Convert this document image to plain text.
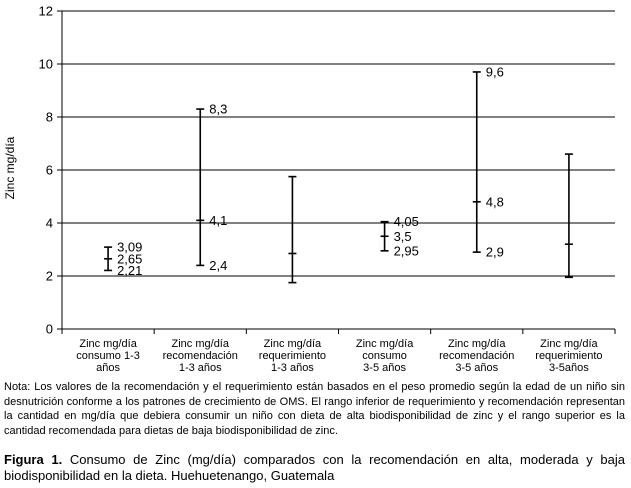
0
2
4
6
8
10
12
Zinc mg/día
3,09
2,65
2,21
8,3
4,1
2,4
4,05
3,5
2,95
9,6
4,8
2,9
Zinc mg/día consumo 1-3 años
Zinc mg/día recomendación 1-3 años
Zinc mg/día requerimiento 1-3 años
Zinc mg/día consumo 3-5 años
Zinc mg/día recomendación 3-5 años
Zinc mg/día requerimiento 3-5años

Nota: Los valores de la recomendación y el requerimiento están basados en el peso promedio según la edad de un niño sin desnutrición conforme a los patrones de crecimiento de OMS. El rango inferior de requerimiento y recomendación representan la cantidad en mg/día que debiera consumir un niño con dieta de alta biodisponibilidad de zinc y el rango superior es la cantidad recomendada para dietas de baja biodisponibilidad de zinc.

Figura 1. Consumo de Zinc (mg/día) comparados con la recomendación en alta, moderada y baja biodisponibilidad en la dieta. Huehuetenango, Guatemala
